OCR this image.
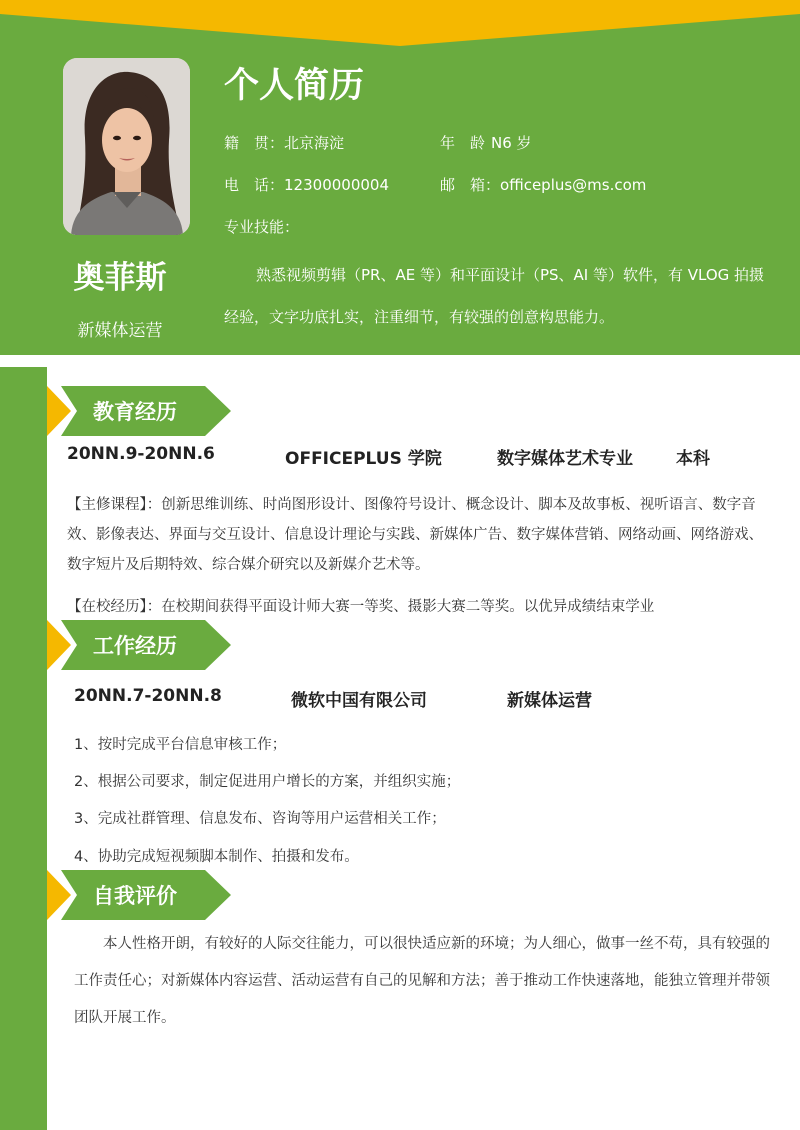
奥菲斯
新媒体运营
个人简历
籍　贯：北京海淀	年　龄 N6 岁
电　话：12300000004	邮　箱：officeplus@ms.com
专业技能：
熟悉视频剪辑（PR、AE 等）和平面设计（PS、AI 等）软件，有 VLOG 拍摄经验，文字功底扎实，注重细节，有较强的创意构思能力。
教育经历
20NN.9-20NN.6	OFFICEPLUS 学院	数字媒体艺术专业	本科
【主修课程】：创新思维训练、时尚图形设计、图像符号设计、概念设计、脚本及故事板、视听语言、数字音效、影像表达、界面与交互设计、信息设计理论与实践、新媒体广告、数字媒体营销、网络动画、网络游戏、数字短片及后期特效、综合媒介研究以及新媒介艺术等。
【在校经历】：在校期间获得平面设计师大赛一等奖、摄影大赛二等奖。以优异成绩结束学业
工作经历
20NN.7-20NN.8	微软中国有限公司	新媒体运营
1、按时完成平台信息审核工作；
2、根据公司要求，制定促进用户增长的方案，并组织实施；
3、完成社群管理、信息发布、咨询等用户运营相关工作；
4、协助完成短视频脚本制作、拍摄和发布。
自我评价
本人性格开朗，有较好的人际交往能力，可以很快适应新的环境；为人细心，做事一丝不苟，具有较强的工作责任心；对新媒体内容运营、活动运营有自己的见解和方法；善于推动工作快速落地，能独立管理并带领团队开展工作。
